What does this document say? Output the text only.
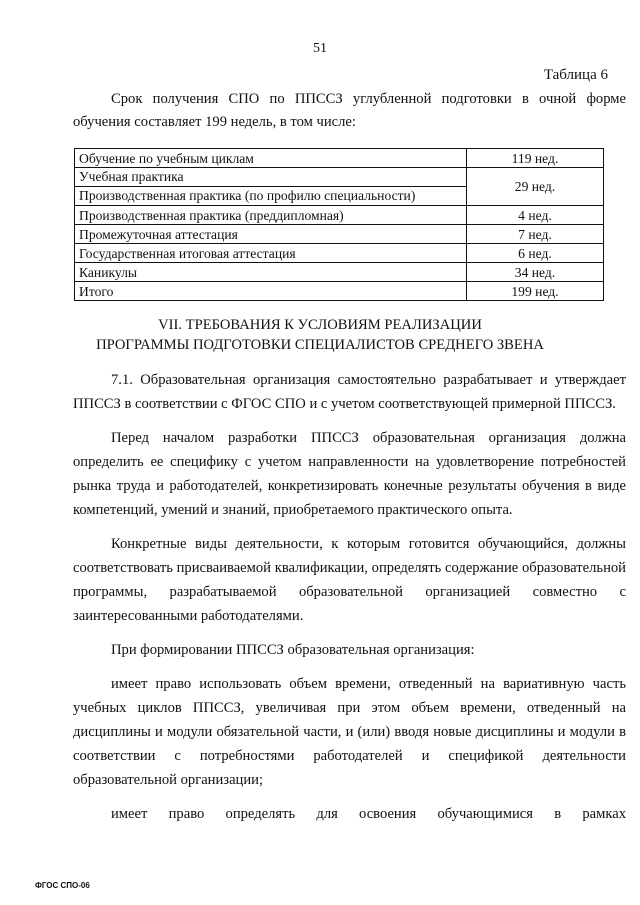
51
Таблица 6

Срок получения СПО по ППССЗ углубленной подготовки в очной форме обучения составляет 199 недель, в том числе:

Обучение по учебным циклам	119 нед.

Учебная практика
Производственная практика (по профилю специальности)	29 нед.
Производственная практика (преддипломная)	4 нед.
Промежуточная аттестация	7 нед.
Государственная итоговая аттестация	6 нед.
Каникулы	34 нед.
Итого	199 нед.
VII. ТРЕБОВАНИЯ К УСЛОВИЯМ РЕАЛИЗАЦИИ
ПРОГРАММЫ ПОДГОТОВКИ СПЕЦИАЛИСТОВ СРЕДНЕГО ЗВЕНА

7.1. Образовательная организация самостоятельно разрабатывает и утверждает ППССЗ в соответствии с ФГОС СПО и с учетом соответствующей примерной ППССЗ.

Перед началом разработки ППССЗ образовательная организация должна определить ее специфику с учетом направленности на удовлетворение потребностей рынка труда и работодателей, конкретизировать конечные результаты обучения в виде компетенций, умений и знаний, приобретаемого практического опыта.

Конкретные виды деятельности, к которым готовится обучающийся, должны соответствовать присваиваемой квалификации, определять содержание образовательной программы, разрабатываемой образовательной организацией совместно с заинтересованными работодателями.

При формировании ППССЗ образовательная организация:

имеет право использовать объем времени, отведенный на вариативную часть учебных циклов ППССЗ, увеличивая при этом объем времени, отведенный на дисциплины и модули обязательной части, и (или) вводя новые дисциплины и модули в соответствии с потребностями работодателей и спецификой деятельности образовательной организации;

имеет право определять для освоения обучающимися в рамках

ФГОС СПО-06
